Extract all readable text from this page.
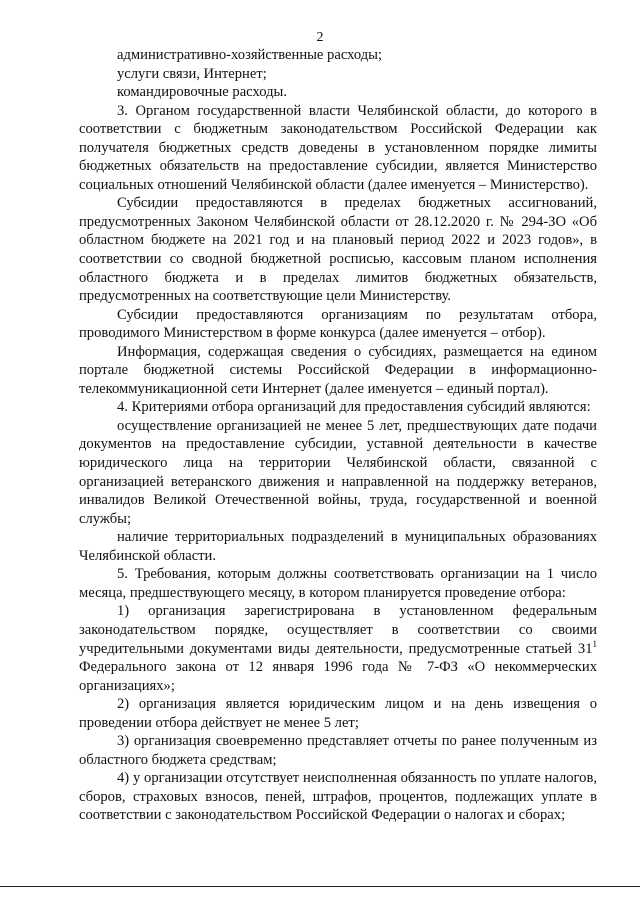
2

административно-хозяйственные расходы;

услуги связи, Интернет;

командировочные расходы.

3. Органом государственной власти Челябинской области, до которого в соответствии с бюджетным законодательством Российской Федерации как получателя бюджетных средств доведены в установленном порядке лимиты бюджетных обязательств на предоставление субсидии, является Министерство социальных отношений Челябинской области (далее именуется – Министерство).

Субсидии предоставляются в пределах бюджетных ассигнований, предусмотренных Законом Челябинской области от 28.12.2020 г. № 294-ЗО «Об областном бюджете на 2021 год и на плановый период 2022 и 2023 годов», в соответствии со сводной бюджетной росписью, кассовым планом исполнения областного бюджета и в пределах лимитов бюджетных обязательств, предусмотренных на соответствующие цели Министерству.

Субсидии предоставляются организациям по результатам отбора, проводимого Министерством в форме конкурса (далее именуется – отбор).

Информация, содержащая сведения о субсидиях, размещается на едином портале бюджетной системы Российской Федерации в информационно-телекоммуникационной сети Интернет (далее именуется – единый портал).

4. Критериями отбора организаций для предоставления субсидий являются:

осуществление организацией не менее 5 лет, предшествующих дате подачи документов на предоставление субсидии, уставной деятельности в качестве юридического лица на территории Челябинской области, связанной с организацией ветеранского движения и направленной на поддержку ветеранов, инвалидов Великой Отечественной войны, труда, государственной и военной службы;

наличие территориальных подразделений в муниципальных образованиях Челябинской области.

5. Требования, которым должны соответствовать организации на 1 число месяца, предшествующего месяцу, в котором планируется проведение отбора:

1) организация зарегистрирована в установленном федеральным законодательством порядке, осуществляет в соответствии со своими учредительными документами виды деятельности, предусмотренные статьей $31^1$ Федерального закона от 12 января 1996 года № 7-ФЗ «О некоммерческих организациях»;

2) организация является юридическим лицом и на день извещения о проведении отбора действует не менее 5 лет;

3) организация своевременно представляет отчеты по ранее полученным из областного бюджета средствам;

4) у организации отсутствует неисполненная обязанность по уплате налогов, сборов, страховых взносов, пеней, штрафов, процентов, подлежащих уплате в соответствии с законодательством Российской Федерации о налогах и сборах;
